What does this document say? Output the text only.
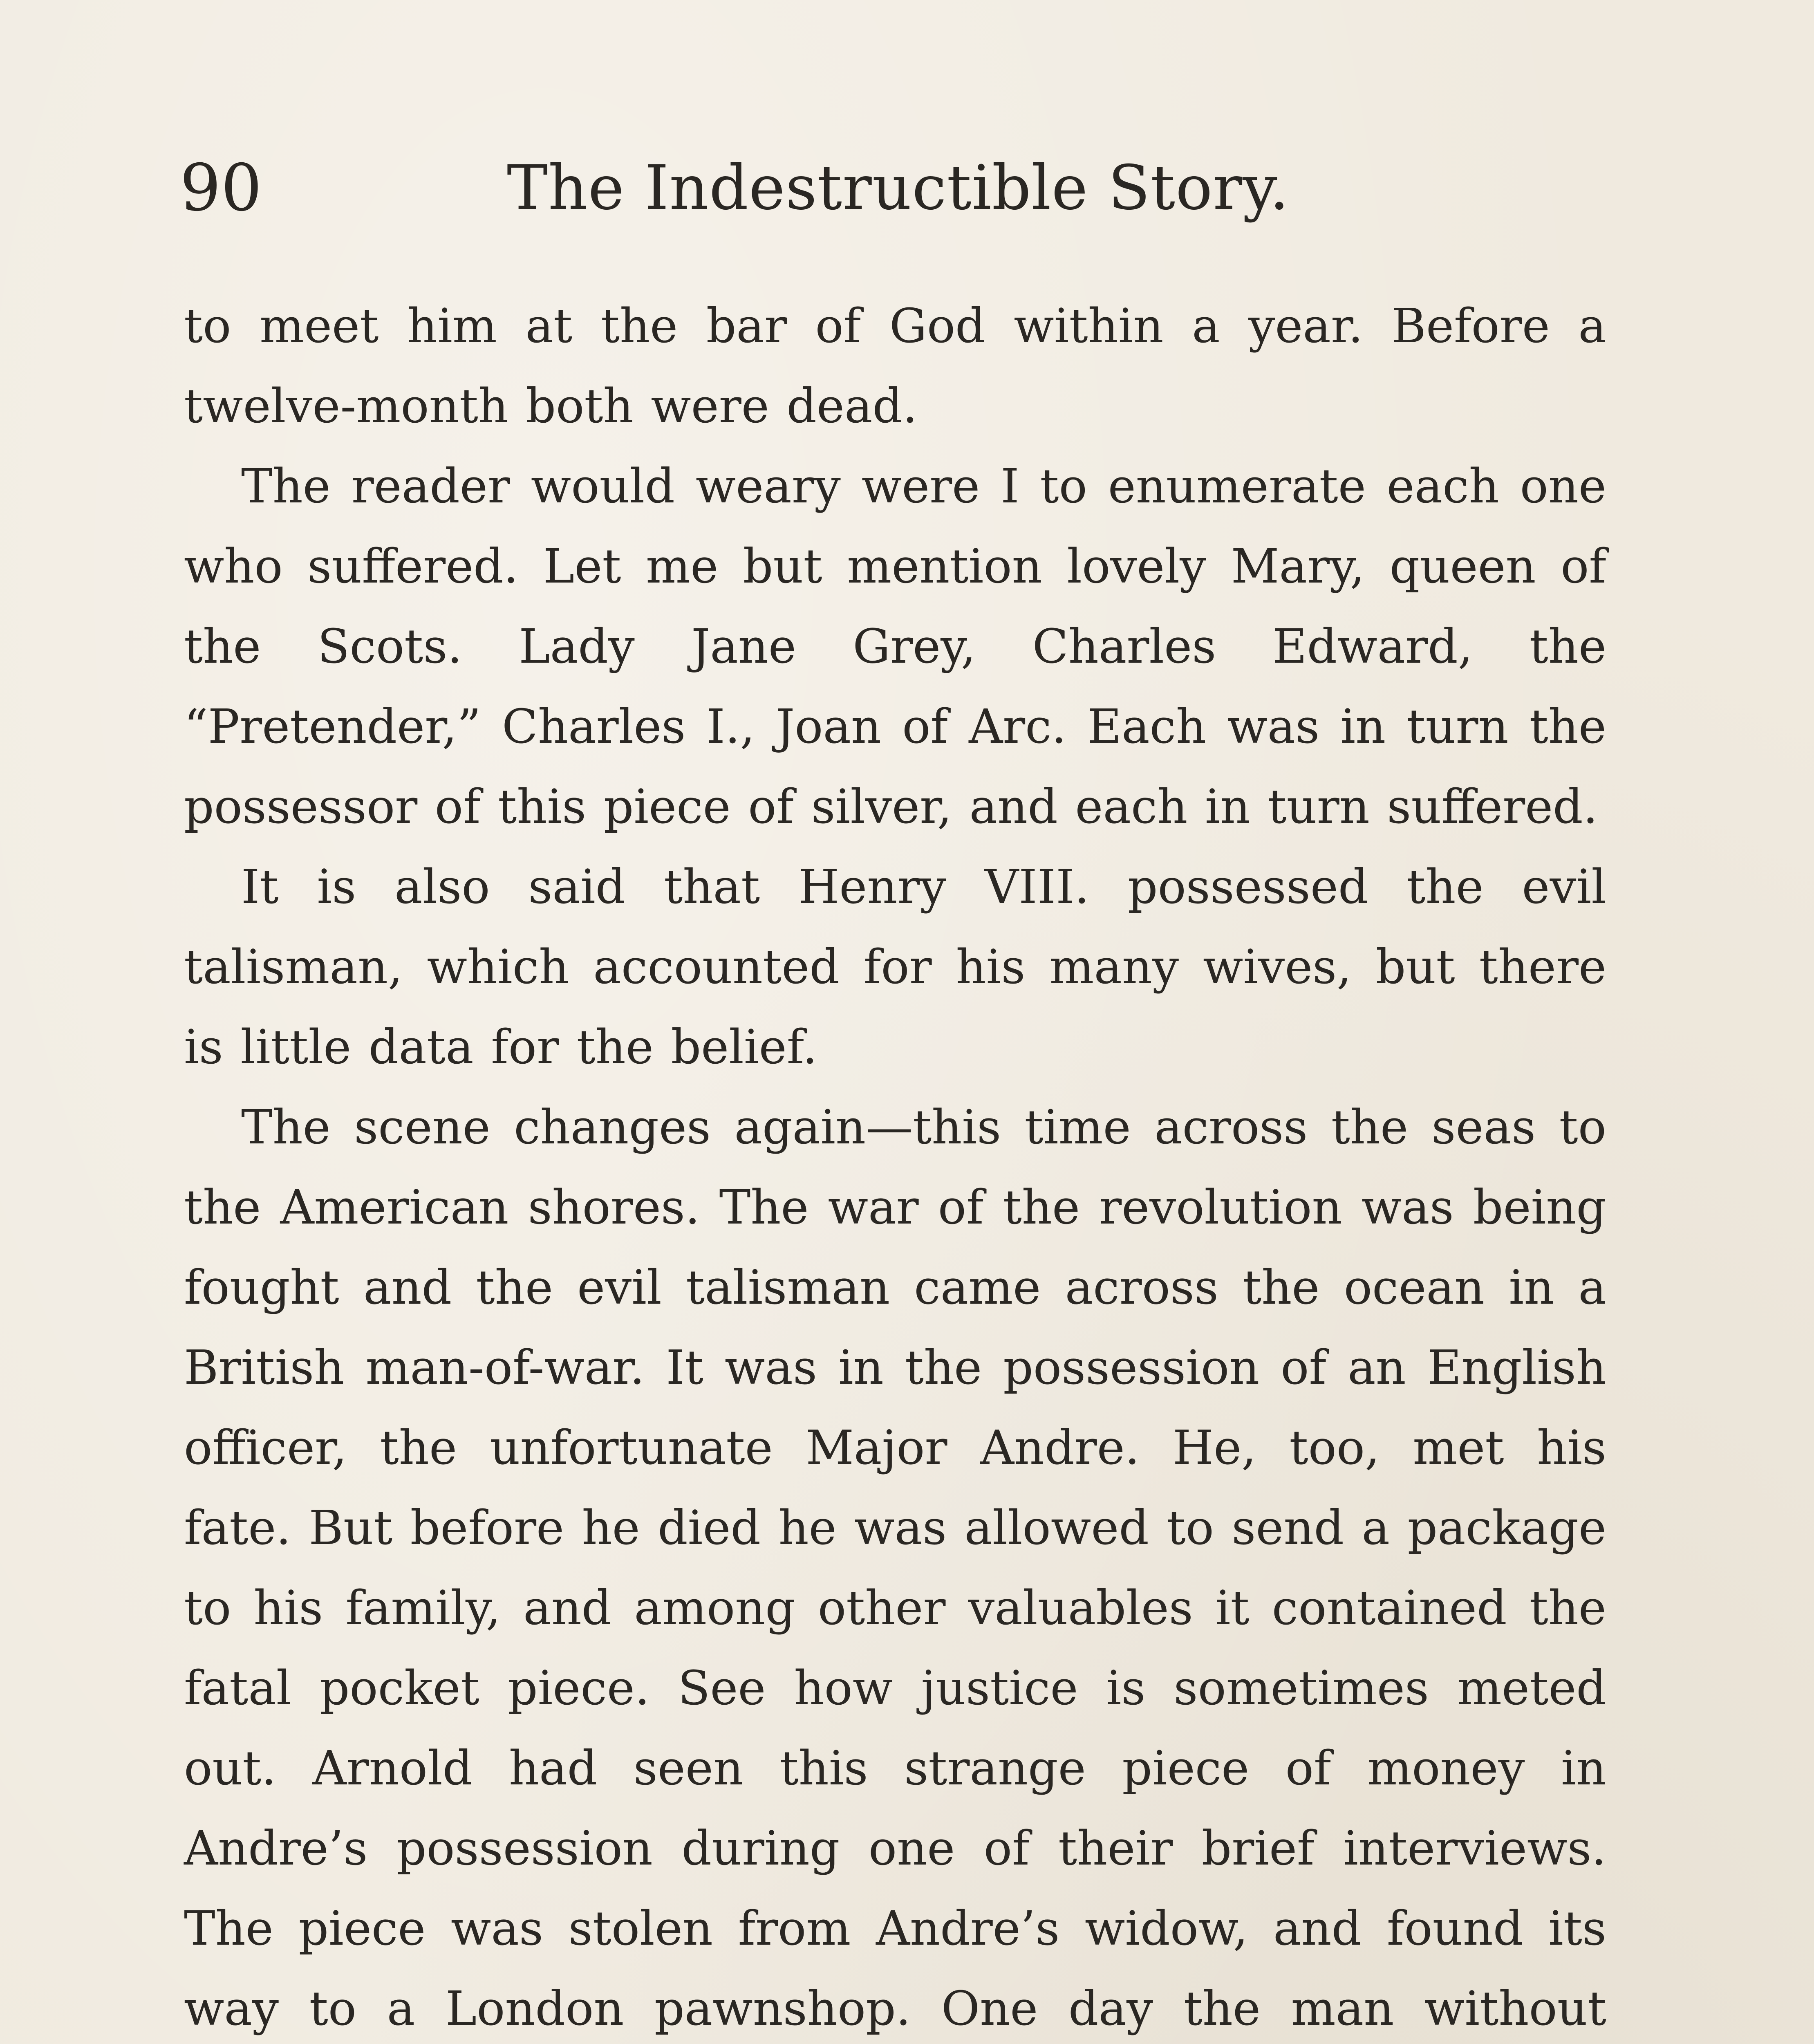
90	The Indestructible Story.

to meet him at the bar of God within a year. Before a twelve-month both were dead.

The reader would weary were I to enumerate each one who suffered. Let me but mention lovely Mary, queen of the Scots. Lady Jane Grey, Charles Edward, the “Pretender,” Charles I., Joan of Arc. Each was in turn the possessor of this piece of silver, and each in turn suffered.

It is also said that Henry VIII. possessed the evil talisman, which accounted for his many wives, but there is little data for the belief.

The scene changes again—this time across the seas to the American shores. The war of the revolution was being fought and the evil talisman came across the ocean in a British man-of-war. It was in the possession of an English officer, the unfortunate Major Andre. He, too, met his fate. But before he died he was allowed to send a package to his family, and among other valuables it contained the fatal pocket piece. See how justice is sometimes meted out. Arnold had seen this strange piece of money in Andre’s possession during one of their brief interviews. The piece was stolen from Andre’s widow, and found its way to a London pawnshop. One day the man without
